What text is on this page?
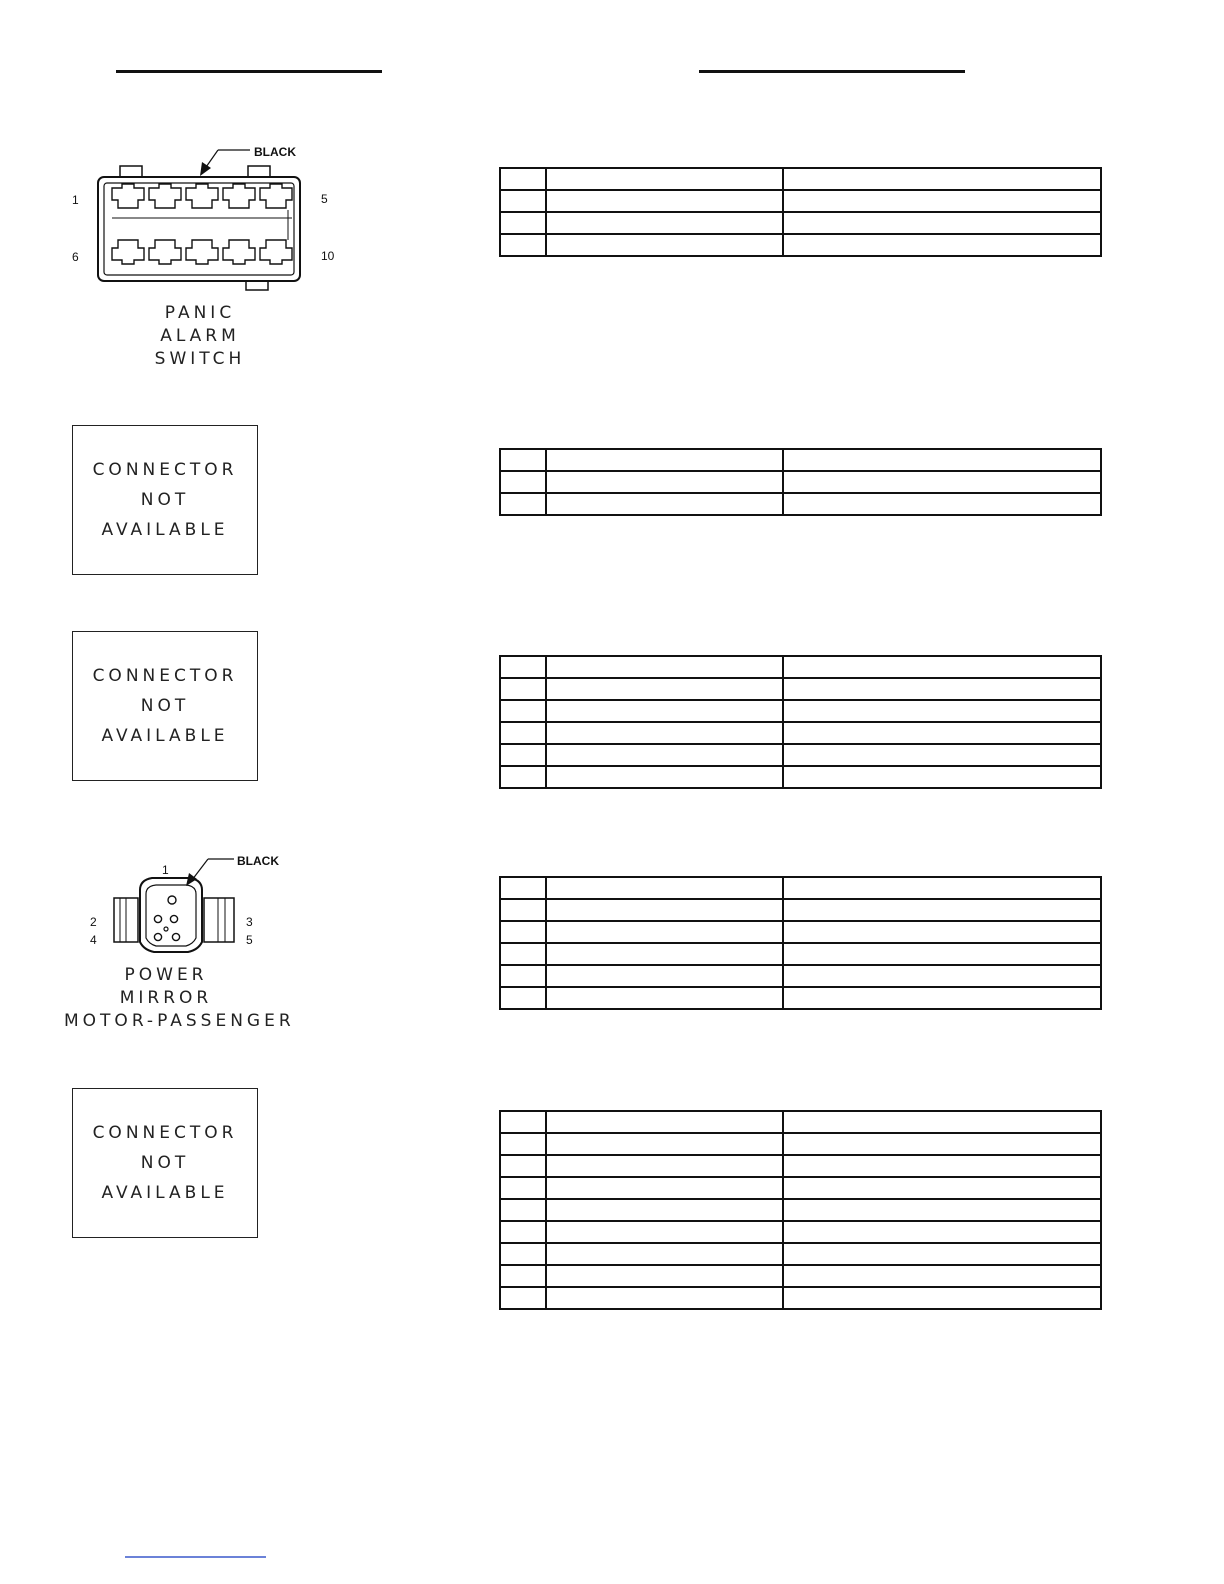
BLACK
1	5
6	10
PANIC
ALARM
SWITCH

CONNECTOR
NOT
AVAILABLE

CONNECTOR
NOT
AVAILABLE

BLACK
1
2
4
3
5
POWER
MIRROR
MOTOR-PASSENGER

CONNECTOR
NOT
AVAILABLE
